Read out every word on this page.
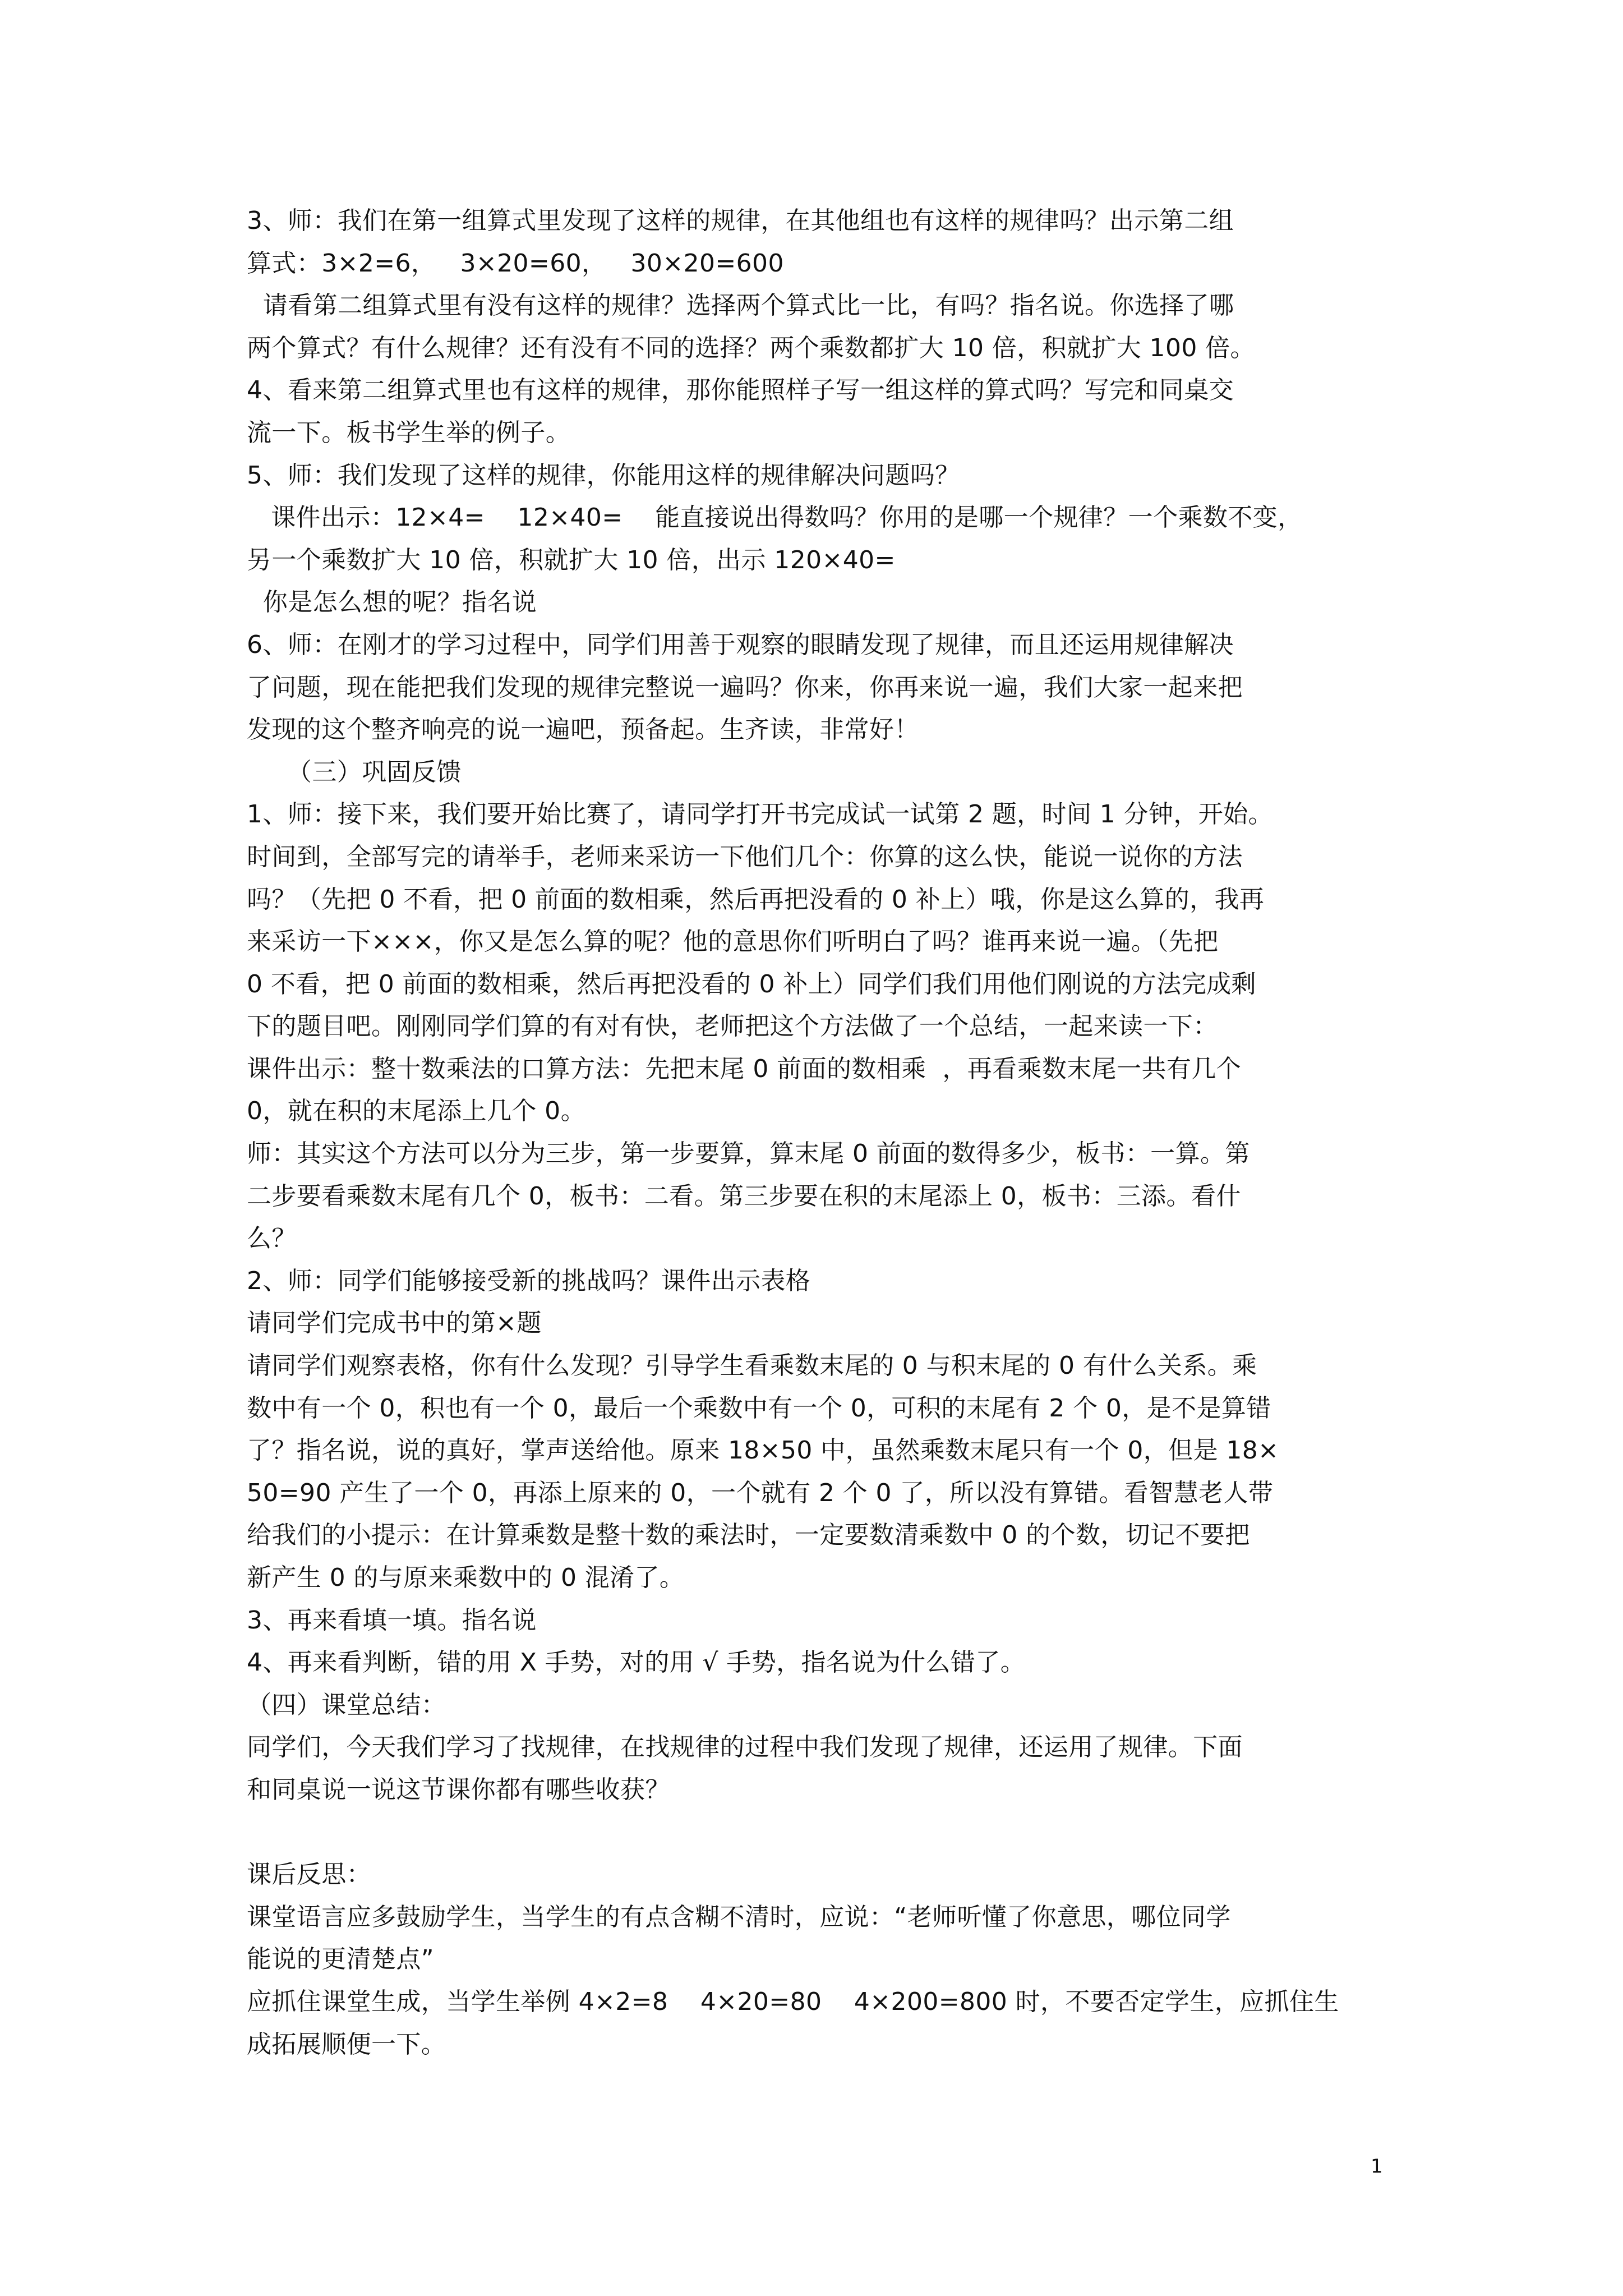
3、师：我们在第一组算式里发现了这样的规律，在其他组也有这样的规律吗？出示第二组
算式：3×2=6，   3×20=60，   30×20=600
请看第二组算式里有没有这样的规律？选择两个算式比一比，有吗？指名说。你选择了哪
两个算式？有什么规律？还有没有不同的选择？两个乘数都扩大 10 倍，积就扩大 100 倍。
4、看来第二组算式里也有这样的规律，那你能照样子写一组这样的算式吗？写完和同桌交
流一下。板书学生举的例子。
5、师：我们发现了这样的规律，你能用这样的规律解决问题吗？
课件出示：12×4=    12×40=    能直接说出得数吗？你用的是哪一个规律？一个乘数不变，
另一个乘数扩大 10 倍，积就扩大 10 倍，出示 120×40=
你是怎么想的呢？指名说
6、师：在刚才的学习过程中，同学们用善于观察的眼睛发现了规律，而且还运用规律解决
了问题，现在能把我们发现的规律完整说一遍吗？你来，你再来说一遍，我们大家一起来把
发现的这个整齐响亮的说一遍吧，预备起。生齐读，非常好！
（三）巩固反馈
1、师：接下来，我们要开始比赛了，请同学打开书完成试一试第 2 题，时间 1 分钟，开始。
时间到，全部写完的请举手，老师来采访一下他们几个：你算的这么快，能说一说你的方法
吗？（先把 0 不看，把 0 前面的数相乘，然后再把没看的 0 补上）哦，你是这么算的，我再
来采访一下×××，你又是怎么算的呢？他的意思你们听明白了吗？谁再来说一遍。（先把
0 不看，把 0 前面的数相乘，然后再把没看的 0 补上）同学们我们用他们刚说的方法完成剩
下的题目吧。刚刚同学们算的有对有快，老师把这个方法做了一个总结，一起来读一下：
课件出示：整十数乘法的口算方法：先把末尾 0 前面的数相乘  ，再看乘数末尾一共有几个
0，就在积的末尾添上几个 0。
师：其实这个方法可以分为三步，第一步要算，算末尾 0 前面的数得多少，板书：一算。第
二步要看乘数末尾有几个 0，板书：二看。第三步要在积的末尾添上 0，板书：三添。看什
么？
2、师：同学们能够接受新的挑战吗？课件出示表格
请同学们完成书中的第×题
请同学们观察表格，你有什么发现？引导学生看乘数末尾的 0 与积末尾的 0 有什么关系。乘
数中有一个 0，积也有一个 0，最后一个乘数中有一个 0，可积的末尾有 2 个 0，是不是算错
了？指名说，说的真好，掌声送给他。原来 18×50 中，虽然乘数末尾只有一个 0，但是 18×
50=90 产生了一个 0，再添上原来的 0，一个就有 2 个 0 了，所以没有算错。看智慧老人带
给我们的小提示：在计算乘数是整十数的乘法时，一定要数清乘数中 0 的个数，切记不要把
新产生 0 的与原来乘数中的 0 混淆了。
3、再来看填一填。指名说
4、再来看判断，错的用 X 手势，对的用 √ 手势，指名说为什么错了。
（四）课堂总结：
同学们，今天我们学习了找规律，在找规律的过程中我们发现了规律，还运用了规律。下面
和同桌说一说这节课你都有哪些收获？
课后反思：
课堂语言应多鼓励学生，当学生的有点含糊不清时，应说：“老师听懂了你意思，哪位同学
能说的更清楚点”
应抓住课堂生成，当学生举例 4×2=8    4×20=80    4×200=800 时，不要否定学生，应抓住生
成拓展顺便一下。
1
